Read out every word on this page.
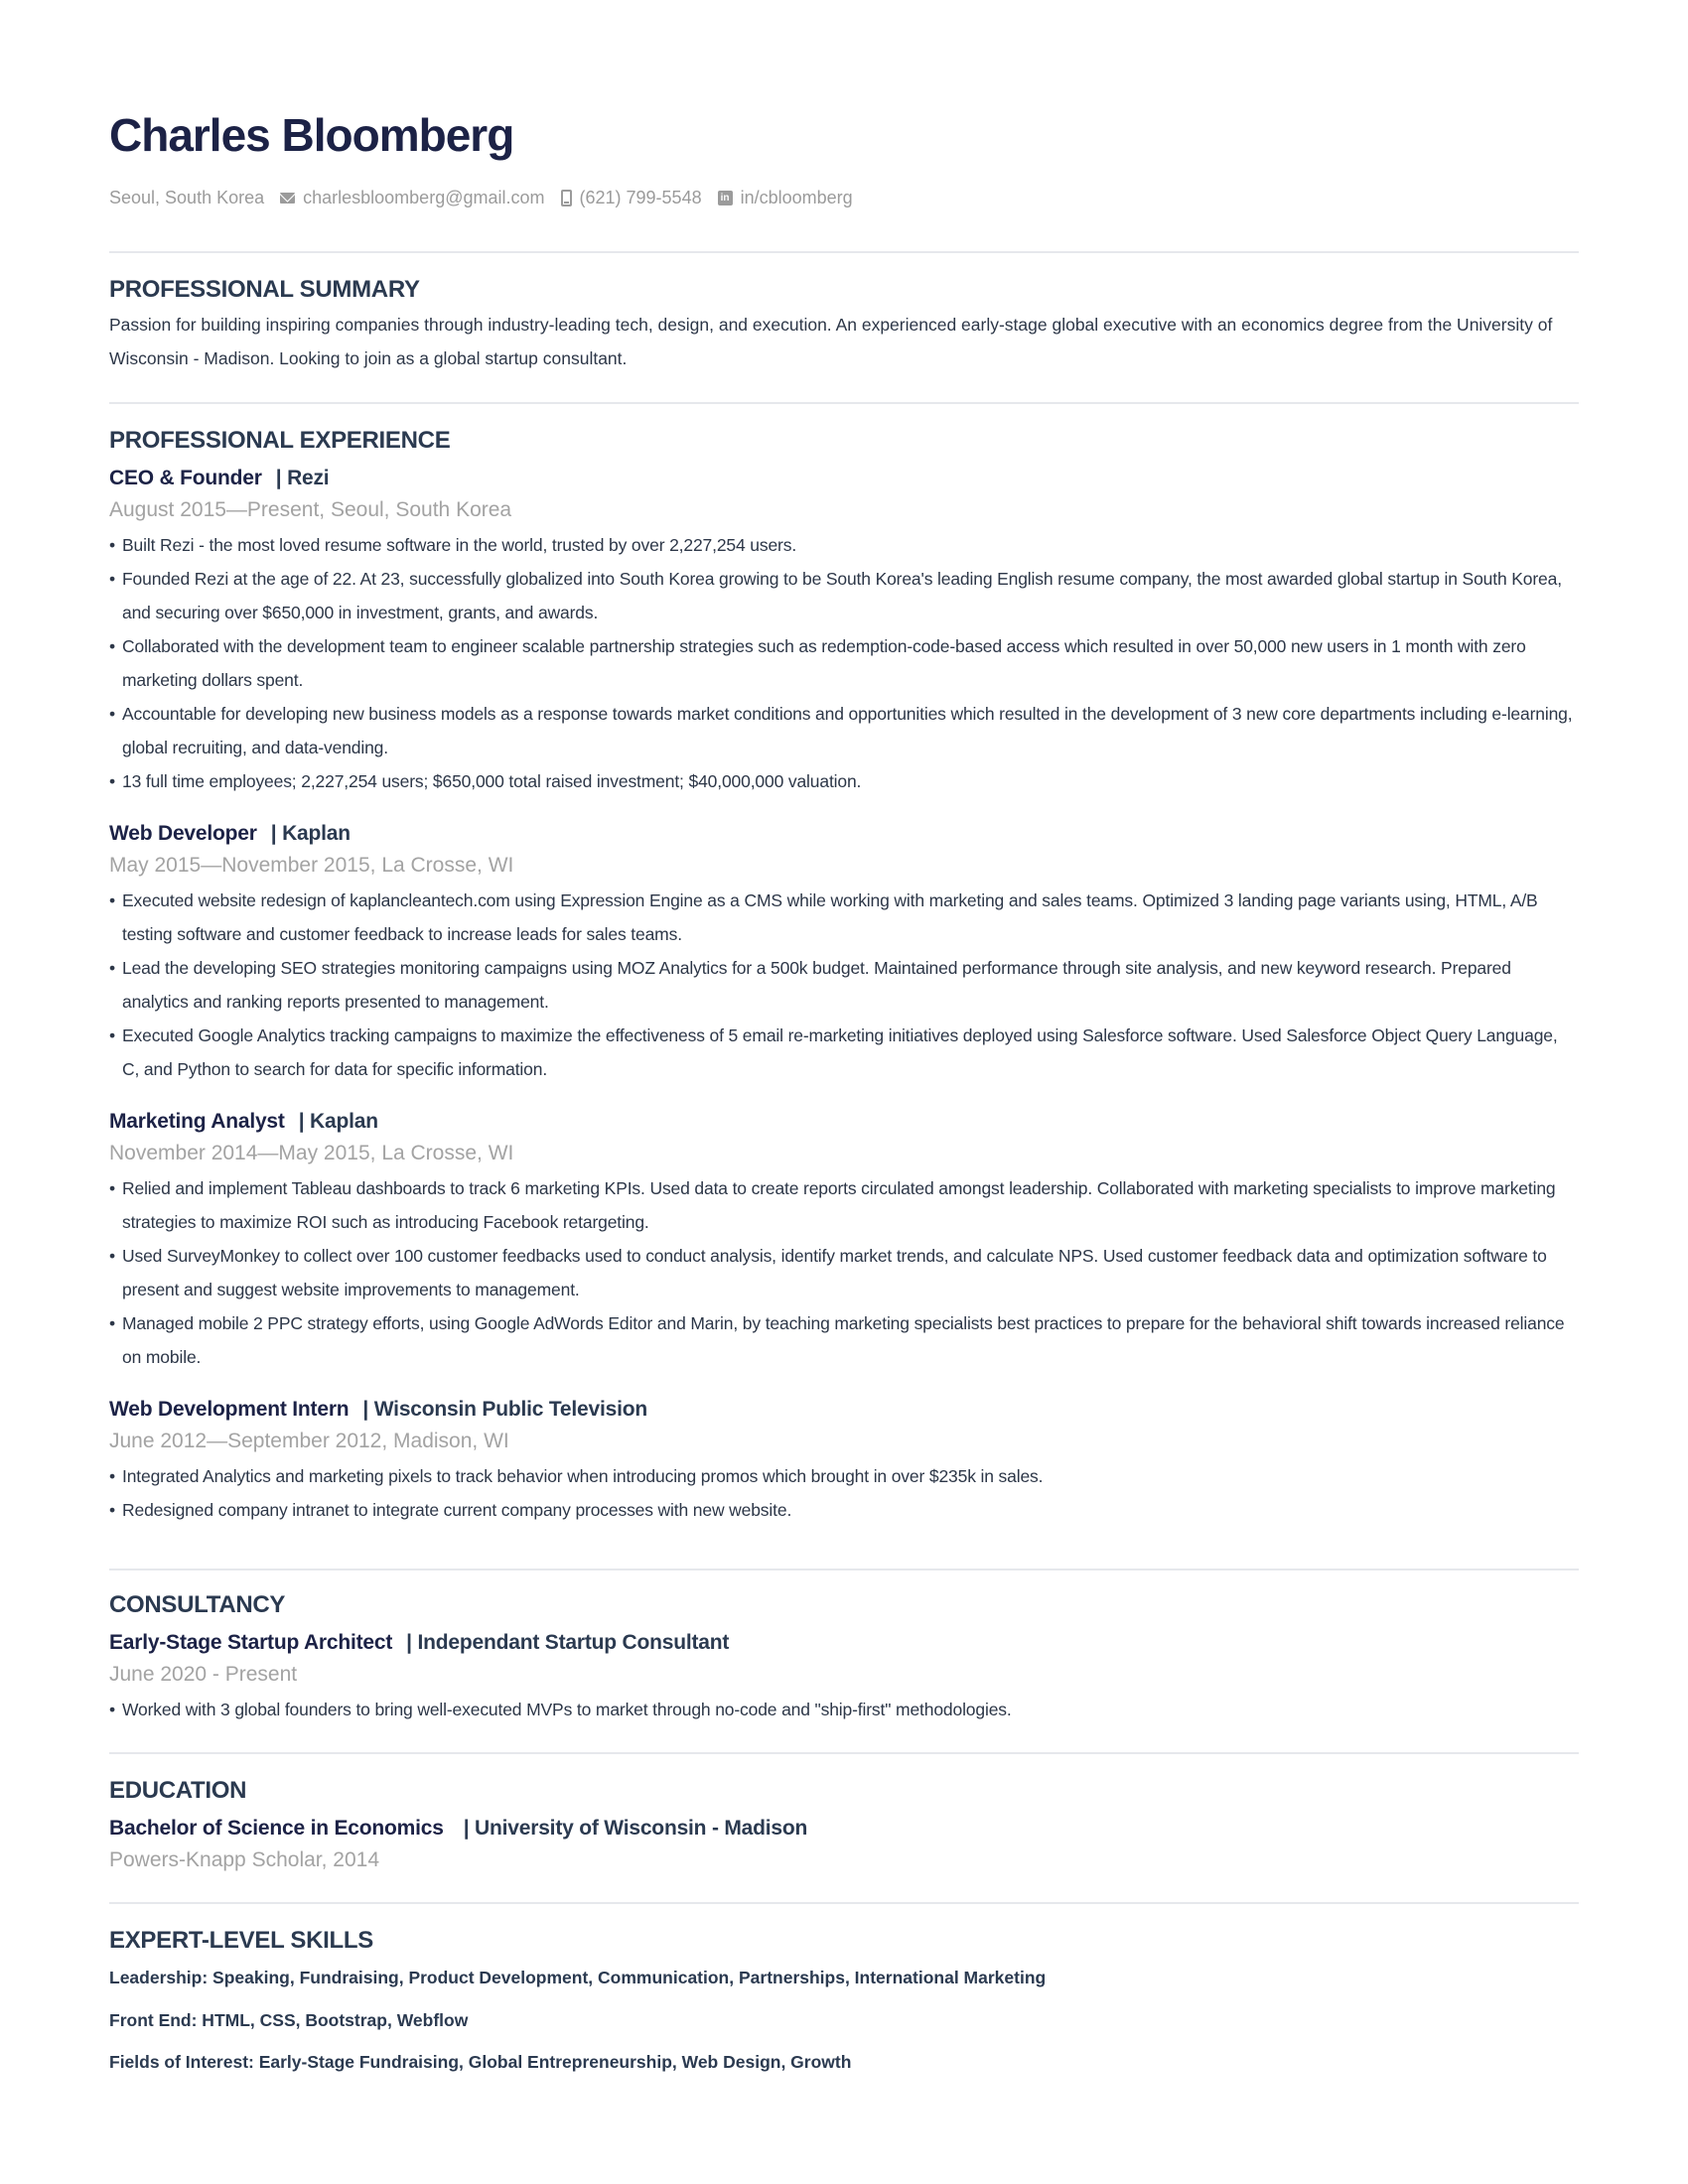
Charles Bloomberg
Seoul, South Korea charlesbloomberg@gmail.com (621) 799-5548	in in/cbloomberg
PROFESSIONAL SUMMARY

Passion for building inspiring companies through industry-leading tech, design, and execution. An experienced early-stage global executive with an economics degree from the University of Wisconsin - Madison. Looking to join as a global startup consultant.

PROFESSIONAL EXPERIENCE
CEO & Founder | Rezi
August 2015—Present, Seoul, South Korea
• Built Rezi - the most loved resume software in the world, trusted by over 2,227,254 users.
• Founded Rezi at the age of 22. At 23, successfully globalized into South Korea growing to be South Korea's leading English resume company, the most awarded global startup in South Korea, and securing over $650,000 in investment, grants, and awards.
• Collaborated with the development team to engineer scalable partnership strategies such as redemption-code-based access which resulted in over 50,000 new users in 1 month with zero marketing dollars spent.
• Accountable for developing new business models as a response towards market conditions and opportunities which resulted in the development of 3 new core departments including e-learning, global recruiting, and data-vending.
• 13 full time employees; 2,227,254 users; $650,000 total raised investment; $40,000,000 valuation.
Web Developer | Kaplan
May 2015—November 2015, La Crosse, WI
• Executed website redesign of kaplancleantech.com using Expression Engine as a CMS while working with marketing and sales teams. Optimized 3 landing page variants using, HTML, A/B testing software and customer feedback to increase leads for sales teams.
• Lead the developing SEO strategies monitoring campaigns using MOZ Analytics for a 500k budget. Maintained performance through site analysis, and new keyword research. Prepared analytics and ranking reports presented to management.
• Executed Google Analytics tracking campaigns to maximize the effectiveness of 5 email re-marketing initiatives deployed using Salesforce software. Used Salesforce Object Query Language, C, and Python to search for data for specific information.
Marketing Analyst | Kaplan
November 2014—May 2015, La Crosse, WI
• Relied and implement Tableau dashboards to track 6 marketing KPIs. Used data to create reports circulated amongst leadership. Collaborated with marketing specialists to improve marketing strategies to maximize ROI such as introducing Facebook retargeting.
• Used SurveyMonkey to collect over 100 customer feedbacks used to conduct analysis, identify market trends, and calculate NPS. Used customer feedback data and optimization software to present and suggest website improvements to management.
• Managed mobile 2 PPC strategy efforts, using Google AdWords Editor and Marin, by teaching marketing specialists best practices to prepare for the behavioral shift towards increased reliance on mobile.
Web Development Intern | Wisconsin Public Television
June 2012—September 2012, Madison, WI
• Integrated Analytics and marketing pixels to track behavior when introducing promos which brought in over $235k in sales.
• Redesigned company intranet to integrate current company processes with new website.
CONSULTANCY
Early-Stage Startup Architect | Independant Startup Consultant
June 2020 - Present
• Worked with 3 global founders to bring well-executed MVPs to market through no-code and "ship-first" methodologies.
EDUCATION
Bachelor of Science in Economics | University of Wisconsin - Madison
Powers-Knapp Scholar, 2014
EXPERT-LEVEL SKILLS
Leadership: Speaking, Fundraising, Product Development, Communication, Partnerships, International Marketing
Front End: HTML, CSS, Bootstrap, Webflow
Fields of Interest: Early-Stage Fundraising, Global Entrepreneurship, Web Design, Growth
